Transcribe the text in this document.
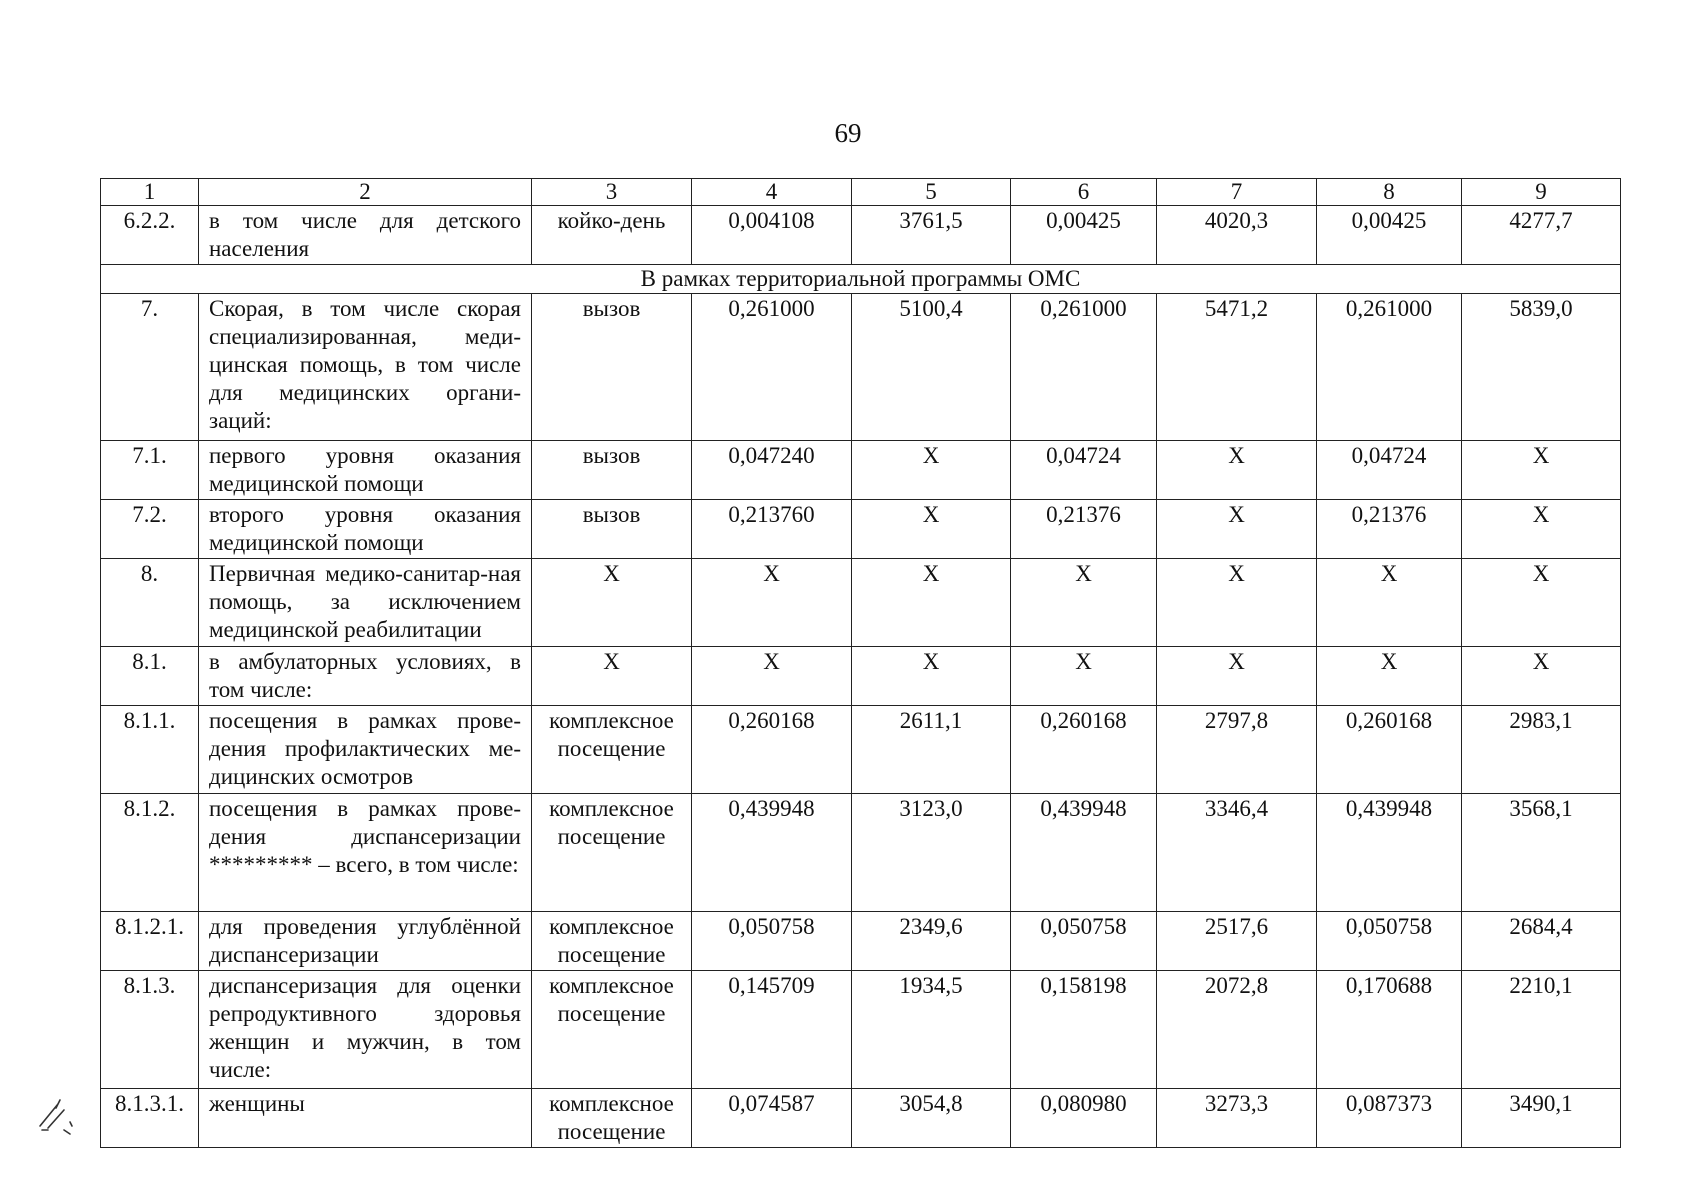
69
1	2	3	4	5	6	7	8	9
6.2.2.	в том числе для детского населения	койко-день	0,004108	3761,5	0,00425	4020,3	0,00425	4277,7
В рамках территориальной программы ОМС								
7.	Скорая, в том числе скорая специализированная, меди-цинская помощь, в том числе для медицинских органи-заций:	вызов	0,261000	5100,4	0,261000	5471,2	0,261000	5839,0
7.1.	первого уровня оказания медицинской помощи	вызов	0,047240	X	0,04724	X	0,04724	X
7.2.	второго уровня оказания медицинской помощи	вызов	0,213760	X	0,21376	X	0,21376	X
8.	Первичная медико-санитар-ная помощь, за исключением медицинской реабилитации	X	X	X	X	X	X	X
8.1.	в амбулаторных условиях, в том числе:	X	X	X	X	X	X	X
8.1.1.	посещения в рамках прове-дения профилактических ме-дицинских осмотров	комплексное посещение	0,260168	2611,1	0,260168	2797,8	0,260168	2983,1
8.1.2.	посещения в рамках прове-дения диспансеризации ********* – всего, в том числе:	комплексное посещение	0,439948	3123,0	0,439948	3346,4	0,439948	3568,1
8.1.2.1.	для проведения углублённой диспансеризации	комплексное посещение	0,050758	2349,6	0,050758	2517,6	0,050758	2684,4
8.1.3.	диспансеризация для оценки репродуктивного здоровья женщин и мужчин, в том числе:	комплексное посещение	0,145709	1934,5	0,158198	2072,8	0,170688	2210,1
8.1.3.1.	женщины	комплексное посещение	0,074587	3054,8	0,080980	3273,3	0,087373	3490,1
